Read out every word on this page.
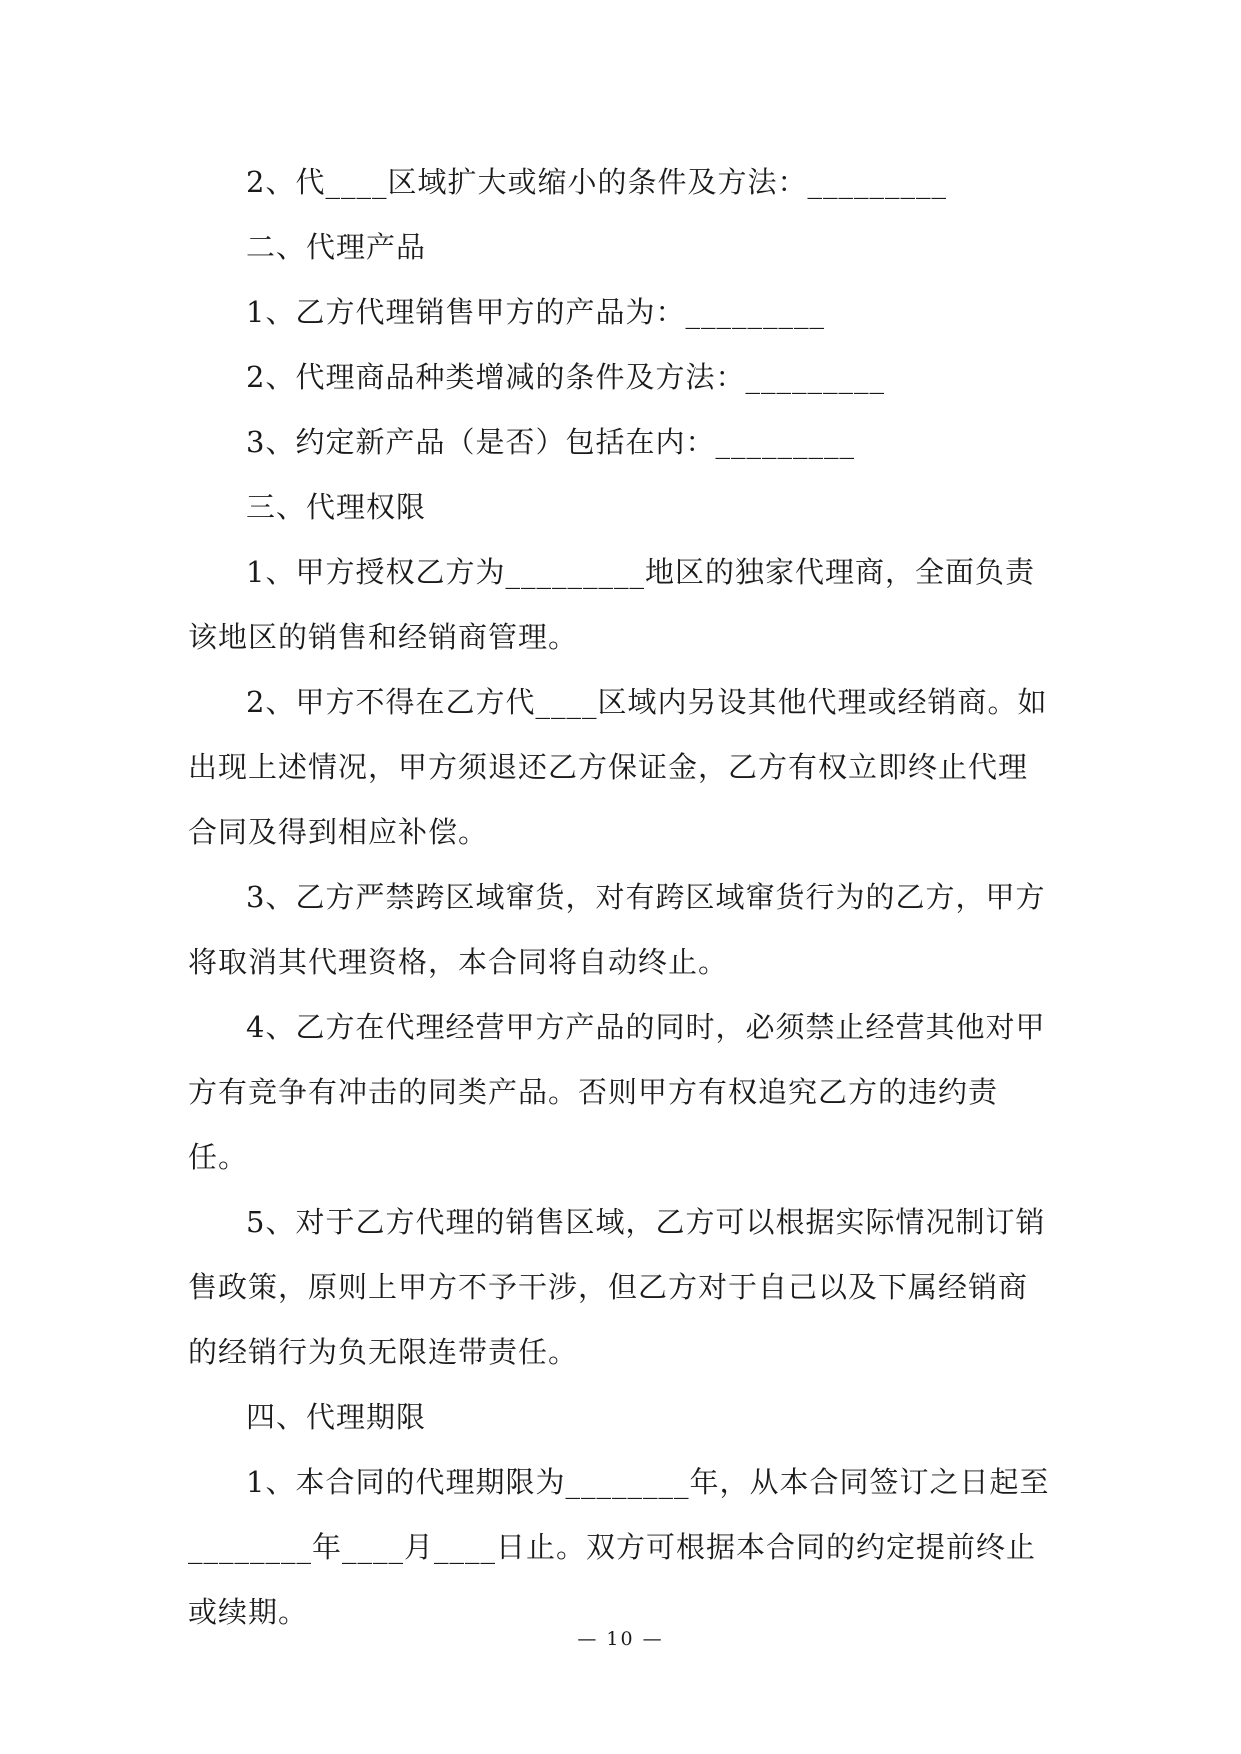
2、代____区域扩大或缩小的条件及方法：_________

二、代理产品

1、乙方代理销售甲方的产品为：_________

2、代理商品种类增减的条件及方法：_________

3、约定新产品（是否）包括在内：_________

三、代理权限

1、甲方授权乙方为_________地区的独家代理商，全面负责该地区的销售和经销商管理。

2、甲方不得在乙方代____区域内另设其他代理或经销商。如出现上述情况，甲方须退还乙方保证金，乙方有权立即终止代理合同及得到相应补偿。

3、乙方严禁跨区域窜货，对有跨区域窜货行为的乙方，甲方将取消其代理资格，本合同将自动终止。

4、乙方在代理经营甲方产品的同时，必须禁止经营其他对甲方有竞争有冲击的同类产品。否则甲方有权追究乙方的违约责任。

5、对于乙方代理的销售区域，乙方可以根据实际情况制订销售政策，原则上甲方不予干涉，但乙方对于自己以及下属经销商的经销行为负无限连带责任。

四、代理期限

1、本合同的代理期限为________年，从本合同签订之日起至________年____月____日止。双方可根据本合同的约定提前终止或续期。

— 10 —
